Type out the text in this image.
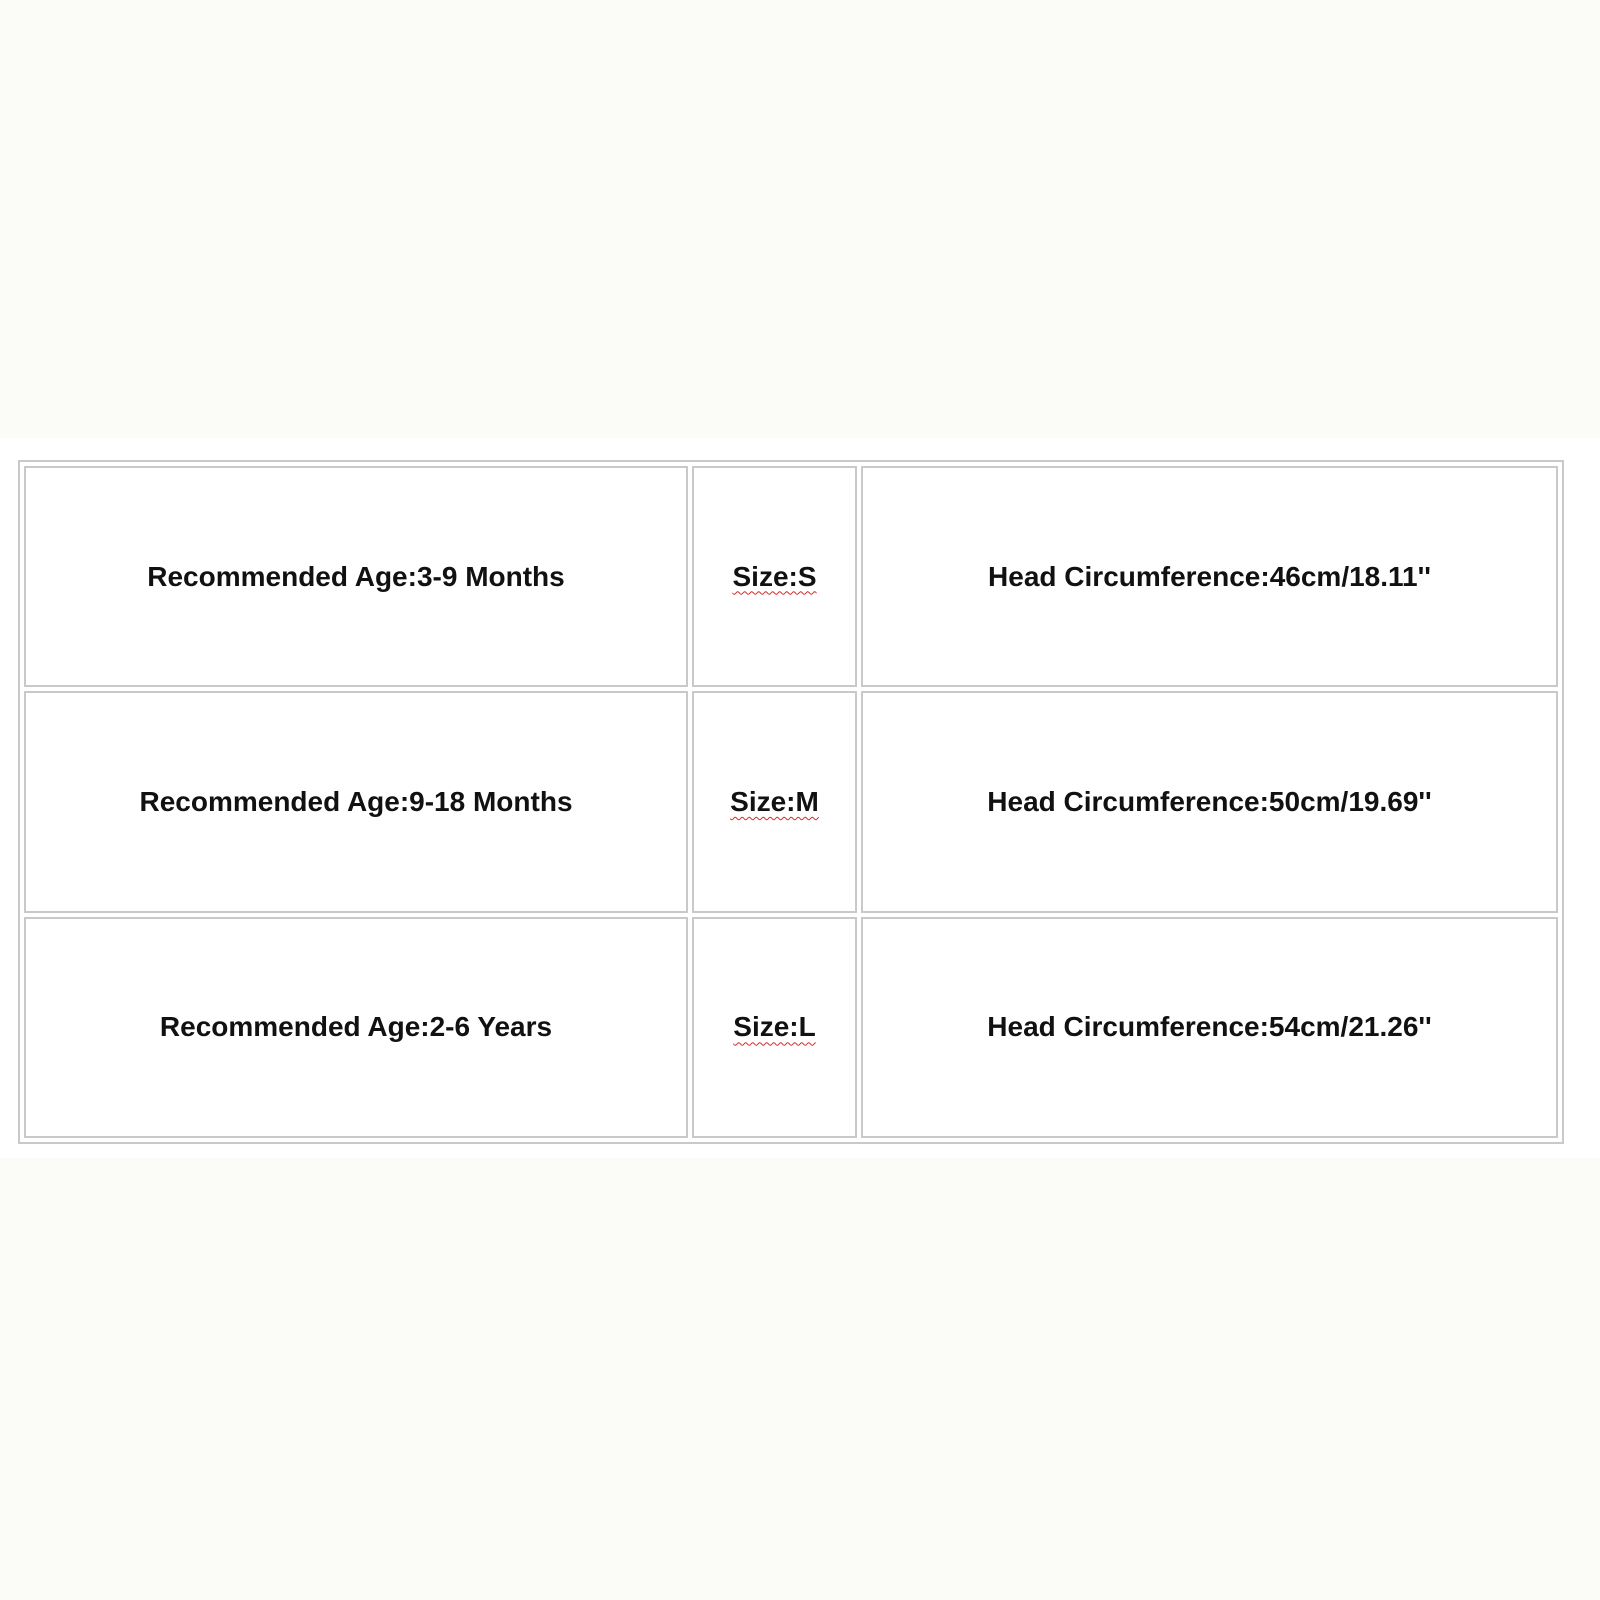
Recommended Age:3-9 Months	Size:S	Head Circumference:46cm/18.11''
Recommended Age:9-18 Months	Size:M	Head Circumference:50cm/19.69''
Recommended Age:2-6 Years	Size:L	Head Circumference:54cm/21.26''
